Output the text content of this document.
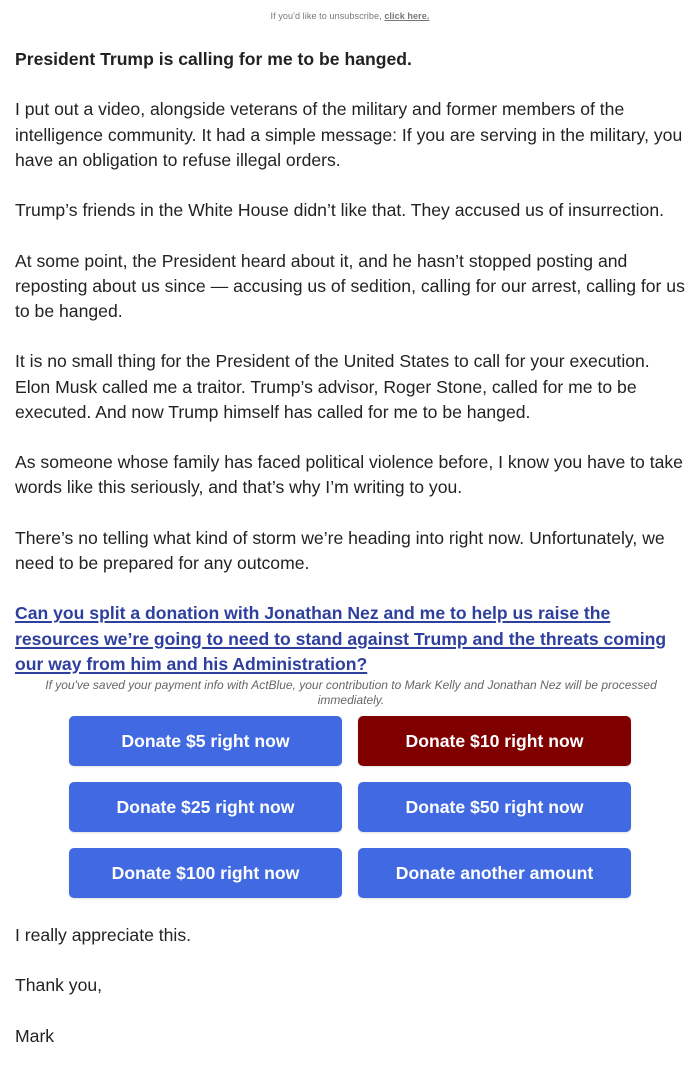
If you'd like to unsubscribe, click here.

President Trump is calling for me to be hanged.

I put out a video, alongside veterans of the military and former members of the intelligence community. It had a simple message: If you are serving in the military, you have an obligation to refuse illegal orders.

Trump’s friends in the White House didn’t like that. They accused us of insurrection.

At some point, the President heard about it, and he hasn’t stopped posting and reposting about us since — accusing us of sedition, calling for our arrest, calling for us to be hanged.

It is no small thing for the President of the United States to call for your execution. Elon Musk called me a traitor. Trump’s advisor, Roger Stone, called for me to be executed. And now Trump himself has called for me to be hanged.

As someone whose family has faced political violence before, I know you have to take words like this seriously, and that’s why I’m writing to you.

There’s no telling what kind of storm we’re heading into right now. Unfortunately, we need to be prepared for any outcome.

Can you split a donation with Jonathan Nez and me to help us raise the resources we’re going to need to stand against Trump and the threats coming our way from him and his Administration?
If you've saved your payment info with ActBlue, your contribution to Mark Kelly and Jonathan Nez will be processed immediately.
Donate $5 right now	Donate $10 right now
Donate $25 right now	Donate $50 right now
Donate $100 right now	Donate another amount

I really appreciate this.

Thank you,

Mark
